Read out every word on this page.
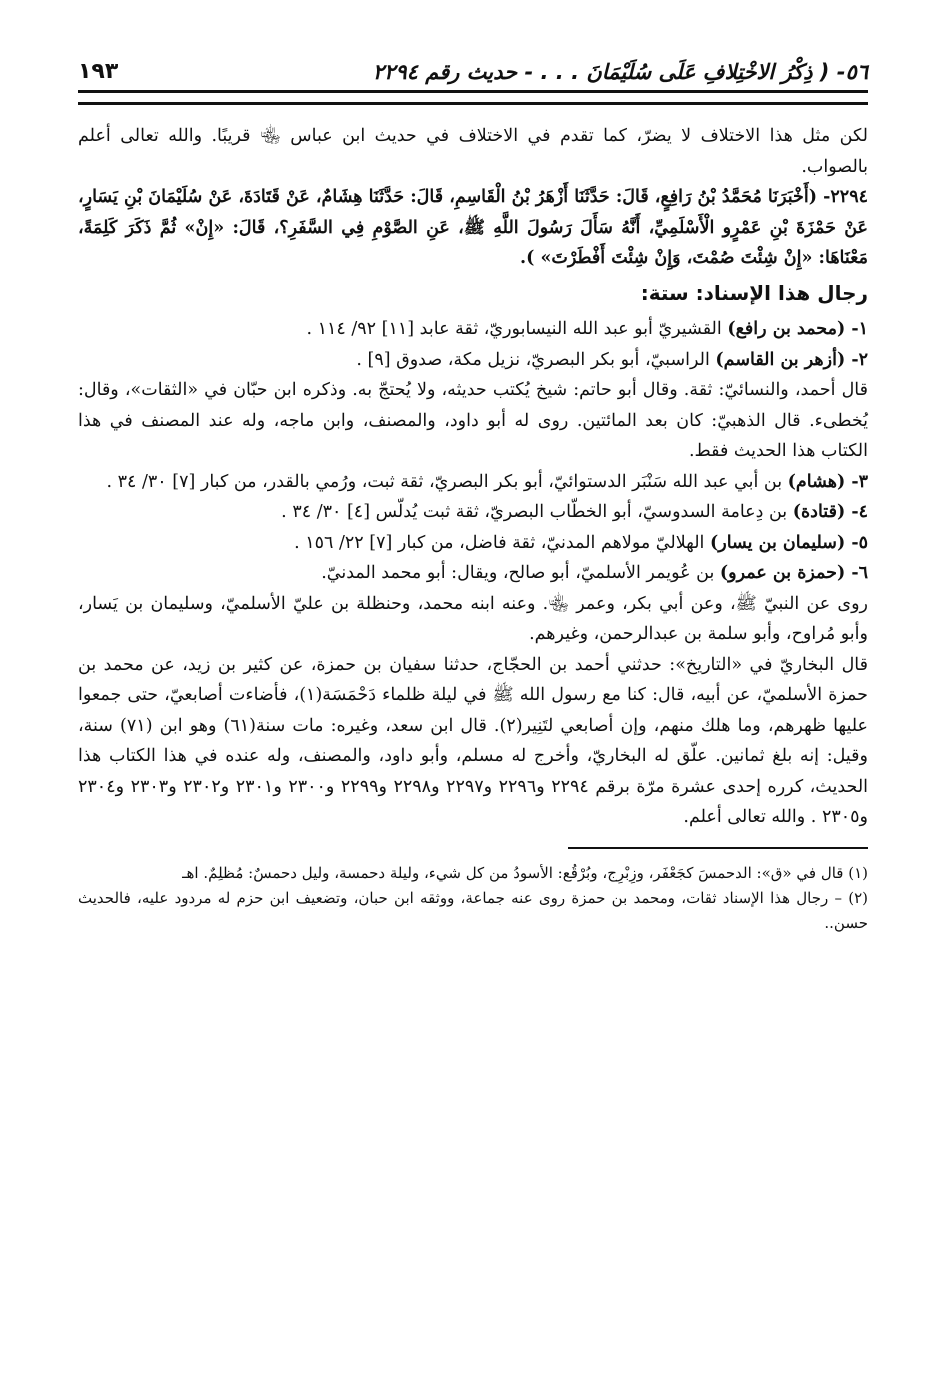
٥٦- ( ذِكْرُ الاخْتِلافِ عَلَى سُلَيْمَانَ . . . - حديث رقم ٢٢٩٤
١٩٣

لكن مثل هذا الاختلاف لا يضرّ، كما تقدم في الاختلاف في حديث ابن عباس ﵄ قريبًا. والله تعالى أعلم بالصواب.

٢٢٩٤- (أَخْبَرَنَا مُحَمَّدُ بْنُ رَافِعٍ، قَالَ: حَدَّثَنَا أَزْهَرُ بْنُ الْقَاسِمِ، قَالَ: حَدَّثَنَا هِشَامٌ، عَنْ قَتَادَةَ، عَنْ سُلَيْمَانَ بْنِ يَسَارٍ، عَنْ حَمْزَةَ بْنِ عَمْرٍو الْأَسْلَمِيِّ، أَنَّهُ سَأَلَ رَسُولَ اللَّهِ ﷺ، عَنِ الصَّوْمِ فِي السَّفَرِ؟، قَالَ: «إِنْ» ثُمَّ ذَكَرَ كَلِمَةً، مَعْنَاهَا: «إِنْ شِئْتَ صُمْتَ، وَإِنْ شِئْتَ أَفْطَرْتَ» ).

رجال هذا الإسناد: ستة:

١- (محمد بن رافع) القشيريّ أبو عبد الله النيسابوريّ، ثقة عابد [١١] ٩٢/ ١١٤ .

٢- (أزهر بن القاسم) الراسبيّ، أبو بكر البصريّ، نزيل مكة، صدوق [٩] .

قال أحمد، والنسائيّ: ثقة. وقال أبو حاتم: شيخ يُكتب حديثه، ولا يُحتجّ به. وذكره ابن حبّان في «الثقات»، وقال: يُخطىء. قال الذهبيّ: كان بعد المائتين. روى له أبو داود، والمصنف، وابن ماجه، وله عند المصنف في هذا الكتاب هذا الحديث فقط.

٣- (هشام) بن أبي عبد الله سَنْبَر الدستوائيّ، أبو بكر البصريّ، ثقة ثبت، ورُمي بالقدر، من كبار [٧] ٣٠/ ٣٤ .

٤- (قتادة) بن دِعامة السدوسيّ، أبو الخطّاب البصريّ، ثقة ثبت يُدلّس [٤] ٣٠/ ٣٤ .

٥- (سليمان بن يسار) الهلاليّ مولاهم المدنيّ، ثقة فاضل، من كبار [٧] ٢٢/ ١٥٦ .

٦- (حمزة بن عمرو) بن عُويمر الأسلميّ، أبو صالح، ويقال: أبو محمد المدنيّ.

روى عن النبيّ ﷺ، وعن أبي بكر، وعمر ﵄. وعنه ابنه محمد، وحنظلة بن عليّ الأسلميّ، وسليمان بن يَسار، وأبو مُراوح، وأبو سلمة بن عبدالرحمن، وغيرهم.

قال البخاريّ في «التاريخ»: حدثني أحمد بن الحجّاج، حدثنا سفيان بن حمزة، عن كثير بن زيد، عن محمد بن حمزة الأسلميّ، عن أبيه، قال: كنا مع رسول الله ﷺ في ليلة ظلماء دَحْمَسَة(١)، فأضاءت أصابعيّ، حتى جمعوا عليها ظهرهم، وما هلك منهم، وإن أصابعي لتَنِير(٢). قال ابن سعد، وغيره: مات سنة(٦١) وهو ابن (٧١) سنة، وقيل: إنه بلغ ثمانين. علّق له البخاريّ، وأخرج له مسلم، وأبو داود، والمصنف، وله عنده في هذا الكتاب هذا الحديث، كرره إحدى عشرة مرّة برقم ٢٢٩٤ و٢٢٩٦ و٢٢٩٧ و٢٢٩٨ و٢٢٩٩ و٢٣٠٠ و٢٣٠١ و٢٣٠٢ و٢٣٠٣ و٢٣٠٤ و٢٣٠٥ . والله تعالى أعلم.

(١) قال في «ق»: الدحمسَ كجَعْفَر، وزِبْرِج، وبُرْقُع: الأسودُ من كل شيء، وليلة دحمسة، وليل دحمسٌ: مُظلِمٌ. اهـ

(٢) – رجال هذا الإسناد ثقات، ومحمد بن حمزة روى عنه جماعة، ووثقه ابن حبان، وتضعيف ابن حزم له مردود عليه، فالحديث حسن..
